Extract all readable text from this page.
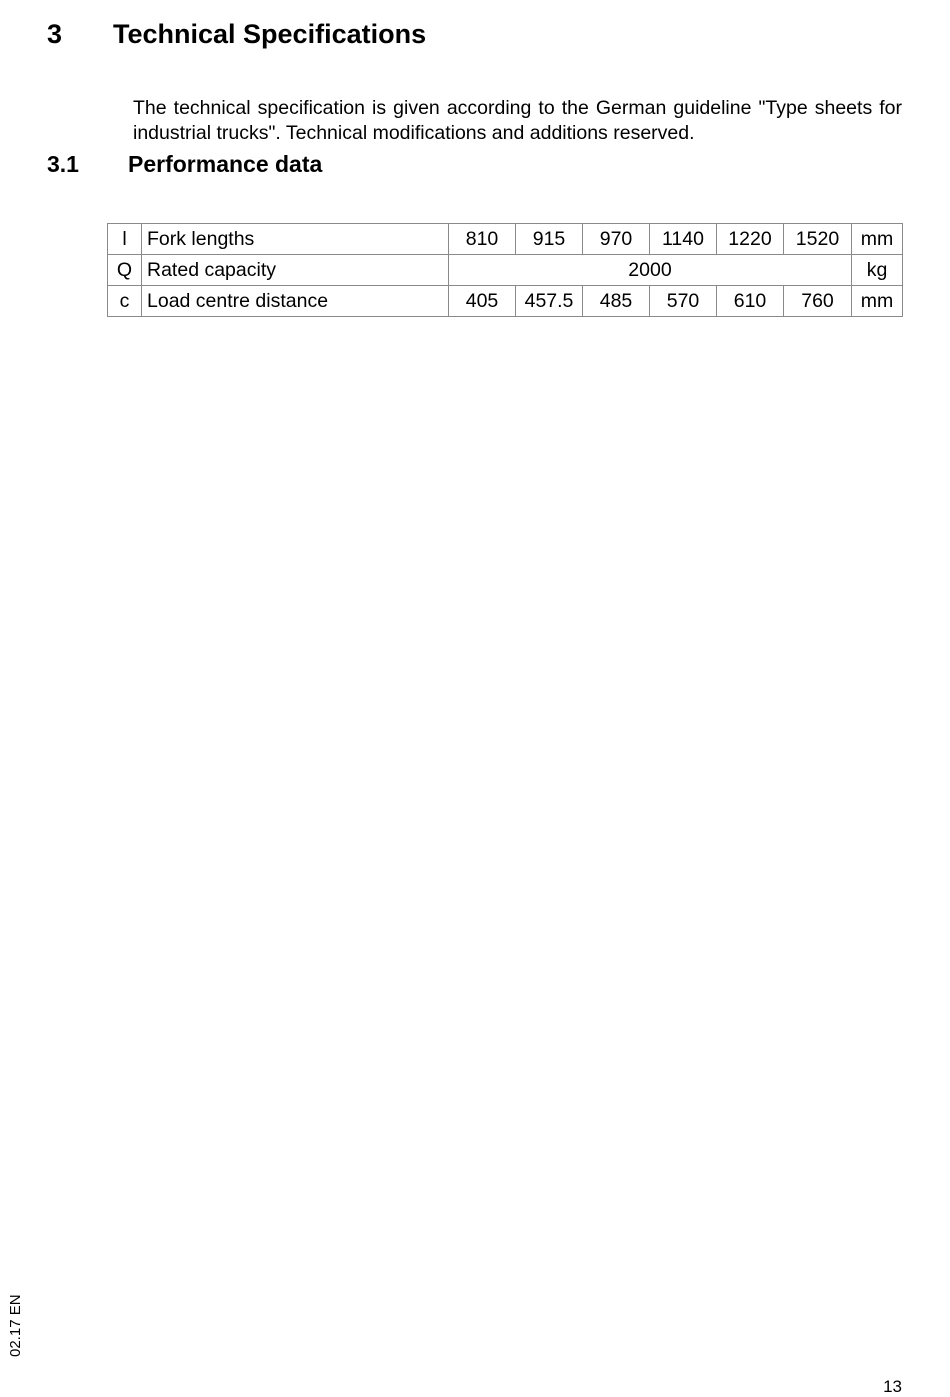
3 Technical Specifications

The technical specification is given according to the German guideline "Type sheets for industrial trucks". Technical modifications and additions reserved.

3.1 Performance data
l	Fork lengths	810	915	970	1140	1220	1520	mm
Q	Rated capacity	2000						kg
c	Load centre distance	405	457.5	485	570	610	760	mm
02.17 EN
13
